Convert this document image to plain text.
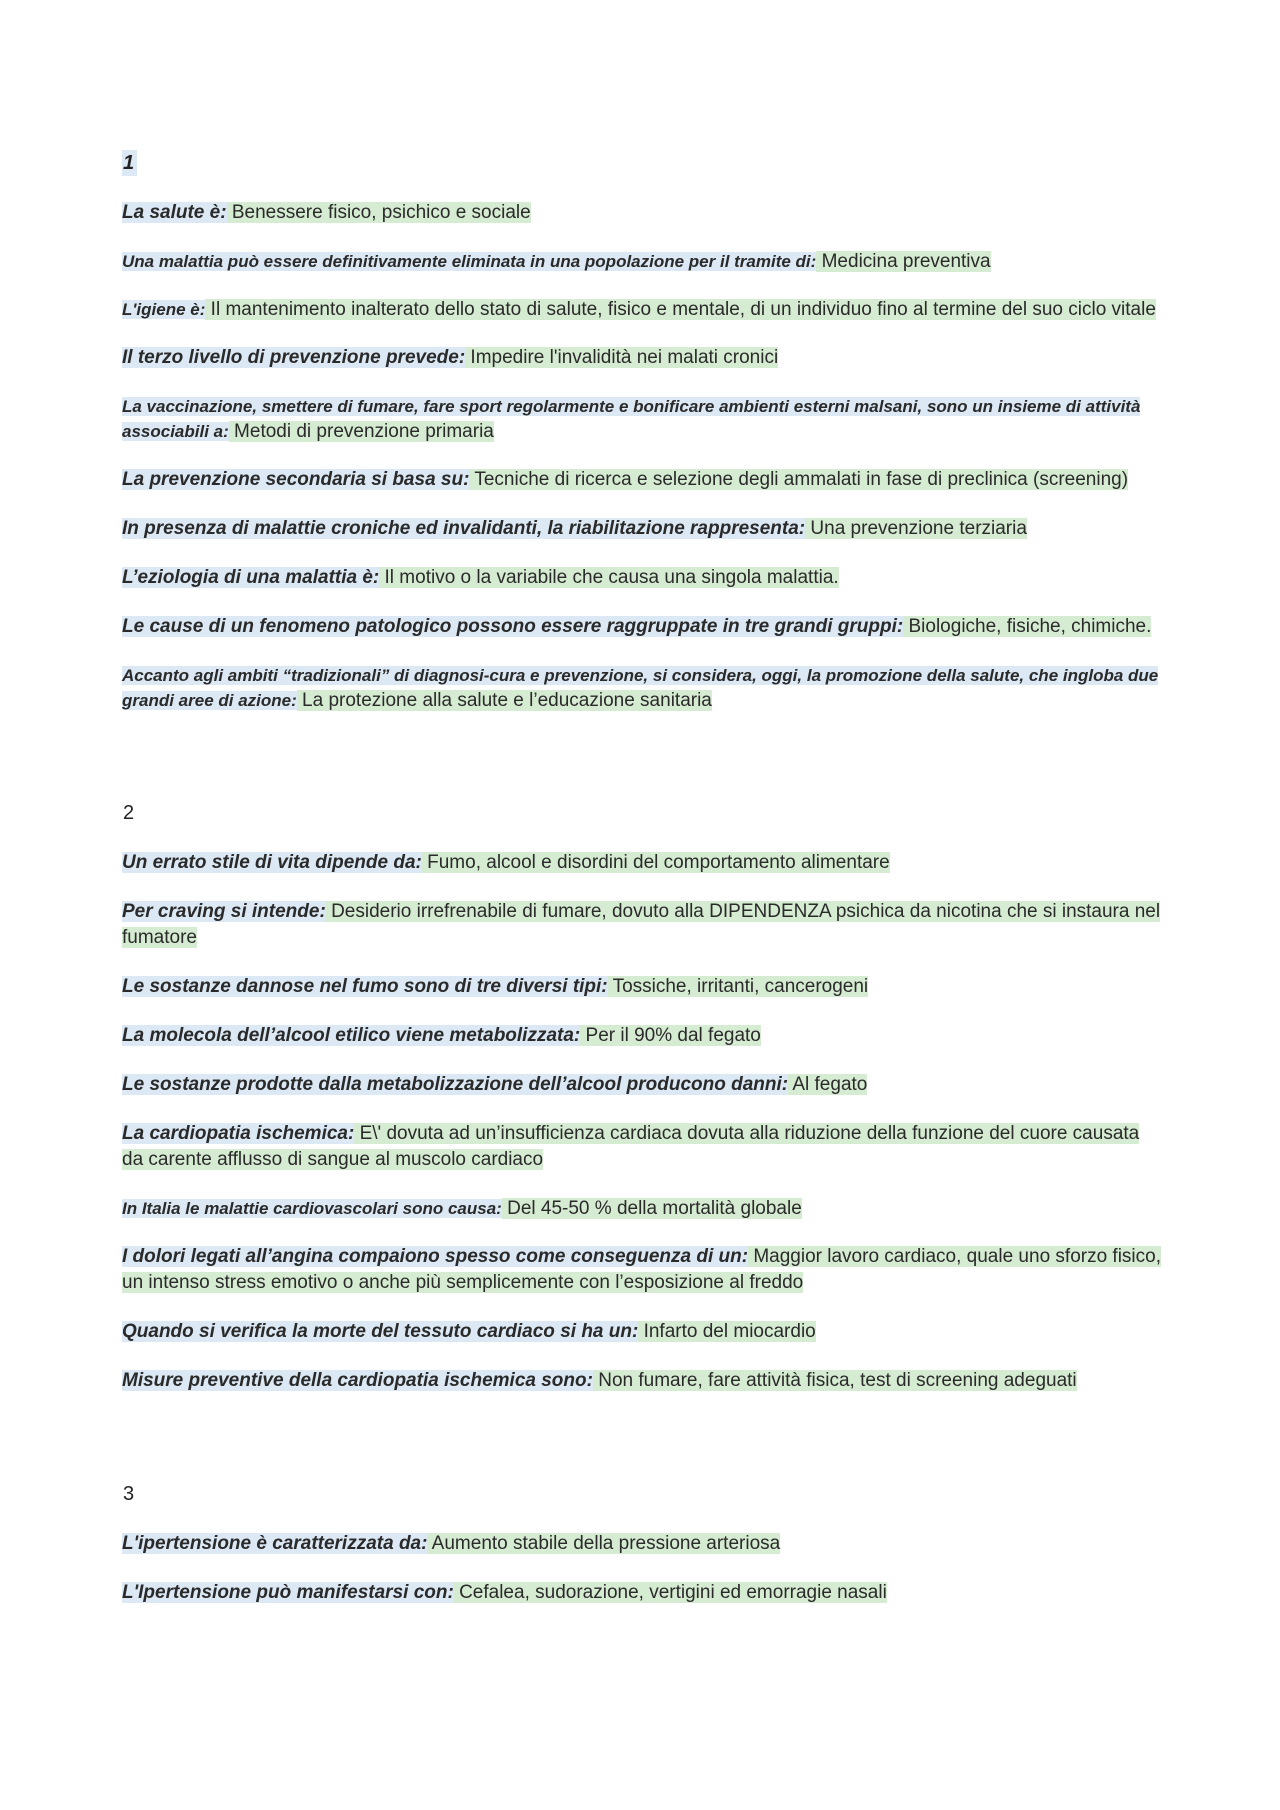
1

La salute è: Benessere fisico, psichico e sociale

Una malattia può essere definitivamente eliminata in una popolazione per il tramite di: Medicina preventiva

L'igiene è: Il mantenimento inalterato dello stato di salute, fisico e mentale, di un individuo fino al termine del suo ciclo vitale

Il terzo livello di prevenzione prevede: Impedire l'invalidità nei malati cronici

La vaccinazione, smettere di fumare, fare sport regolarmente e bonificare ambienti esterni malsani, sono un insieme di attività associabili a: Metodi di prevenzione primaria

La prevenzione secondaria si basa su: Tecniche di ricerca e selezione degli ammalati in fase di preclinica (screening)

In presenza di malattie croniche ed invalidanti, la riabilitazione rappresenta: Una prevenzione terziaria

L’eziologia di una malattia è: Il motivo o la variabile che causa una singola malattia.

Le cause di un fenomeno patologico possono essere raggruppate in tre grandi gruppi: Biologiche, fisiche, chimiche.

Accanto agli ambiti “tradizionali” di diagnosi-cura e prevenzione, si considera, oggi, la promozione della salute, che ingloba due grandi aree di azione: La protezione alla salute e l’educazione sanitaria

2

Un errato stile di vita dipende da: Fumo, alcool e disordini del comportamento alimentare

Per craving si intende: Desiderio irrefrenabile di fumare, dovuto alla DIPENDENZA psichica da nicotina che si instaura nel fumatore

Le sostanze dannose nel fumo sono di tre diversi tipi: Tossiche, irritanti, cancerogeni

La molecola dell’alcool etilico viene metabolizzata: Per il 90% dal fegato

Le sostanze prodotte dalla metabolizzazione dell’alcool producono danni: Al fegato

La cardiopatia ischemica: E\' dovuta ad un’insufficienza cardiaca dovuta alla riduzione della funzione del cuore causata da carente afflusso di sangue al muscolo cardiaco

In Italia le malattie cardiovascolari sono causa: Del 45-50 % della mortalità globale

I dolori legati all’angina compaiono spesso come conseguenza di un: Maggior lavoro cardiaco, quale uno sforzo fisico, un intenso stress emotivo o anche più semplicemente con l’esposizione al freddo

Quando si verifica la morte del tessuto cardiaco si ha un: Infarto del miocardio

Misure preventive della cardiopatia ischemica sono: Non fumare, fare attività fisica, test di screening adeguati

3

L'ipertensione è caratterizzata da: Aumento stabile della pressione arteriosa

L'Ipertensione può manifestarsi con: Cefalea, sudorazione, vertigini ed emorragie nasali
